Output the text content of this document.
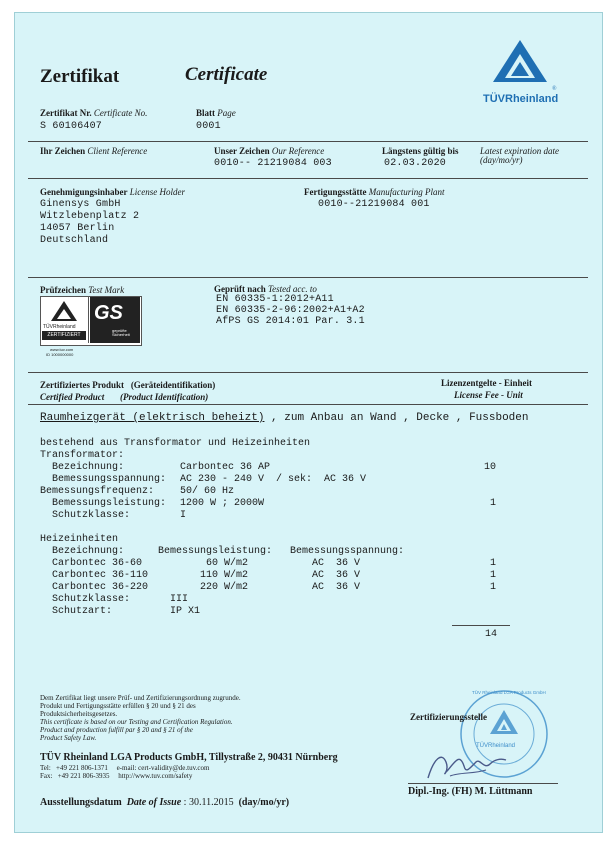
Zertifikat	Certificate
TÜVRheinland
®
Zertifikat Nr. Certificate No.
S 60106407
Blatt Page
0001
Ihr Zeichen Client Reference	Unser Zeichen Our Reference
0010-- 21219084 003
Längstens gültig bis Latest expiration date
(day/mo/yr)
02.03.2020
Genehmigungsinhaber License Holder
Ginensys GmbH
Witzlebenplatz 2
14057 Berlin
Deutschland
Fertigungsstätte Manufacturing Plant
0010--21219084 001
Prüfzeichen Test Mark
TÜVRheinland
ZERTIFIZIERT
GS
geprüfte Sicherheit
www.tuv.com
ID 1000000000
Geprüft nach Tested acc. to
EN 60335-1:2012+A11
EN 60335-2-96:2002+A1+A2
AfPS GS 2014:01 Par. 3.1
Zertifiziertes Produkt (Geräteidentifikation)
Certified Product (Product Identification)
Lizenzentgelte - Einheit
License Fee - Unit
Raumheizgerät (elektrisch beheizt) , zum Anbau an Wand , Decke , Fussboden
bestehend aus Transformator und Heizeinheiten
Transformator:
Bezeichnung:	Carbontec 36 AP	10
Bemessungsspannung: AC 230 - 240 V  / sek:  AC 36 V
Bemessungsfrequenz:	50/ 60 Hz
Bemessungsleistung: 1200 W ; 2000W	1
Schutzklasse:	I
Heizeinheiten
Bezeichnung:	Bemessungsleistung: Bemessungsspannung:
Carbontec 36-60	60 W/m2	AC  36 V	1
Carbontec 36-110	110 W/m2	AC  36 V	1
Carbontec 36-220	220 W/m2	AC  36 V	1
Schutzklasse:	III
Schutzart:	IP X1
14
Dem Zertifikat liegt unsere Prüf- und Zertifizierungsordnung zugrunde.
Produkt und Fertigungsstätte erfüllen § 20 und § 21 des
Produktsicherheitsgesetzes.
This certificate is based on our Testing and Certification Regulation.
Product and production fulfill par § 20 and § 21 of the
Product Safety Law.
TÜV Rheinland LGA Products GmbH, Tillystraße 2, 90431 Nürnberg
Tel:   +49 221 806-1371     e-mail: cert-validity@de.tuv.com
Fax:   +49 221 806-3935     http://www.tuv.com/safety
Ausstellungsdatum Date of Issue : 30.11.2015 (day/mo/yr)
TÜVRheinland
TÜV Rheinland LGA Products GmbH
Zertifizierungsstelle
Dipl.-Ing. (FH) M. Lüttmann
